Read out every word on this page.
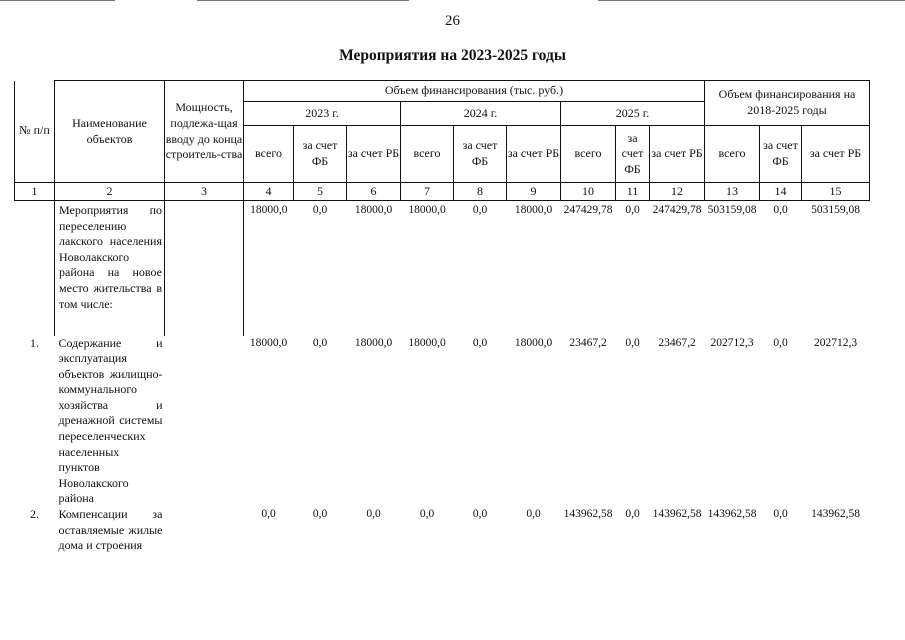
26
Мероприятия на 2023-2025 годы
№ п/п	Наименование объектов	Мощность, подлежа-щая вводу до конца строитель-ства	Объем финансирования (тыс. руб.)									Объем финансирования на 2018-2025 годы		
			2023 г.			2024 г.			2025 г.					
			всего	за счет ФБ	за счет РБ	всего	за счет ФБ	за счет РБ	всего	за счет ФБ	за счет РБ	всего	за счет ФБ	за счет РБ
1	2	3	4	5	6	7	8	9	10	11	12	13	14	15
	Мероприятия по переселению лакского населения Новолакского района на новое место жительства в том числе:		18000,0	0,0	18000,0	18000,0	0,0	18000,0	247429,78	0,0	247429,78	503159,08	0,0	503159,08
1.	Содержание и эксплуатация объектов жилищно-коммунального хозяйства и дренажной системы переселенческих населенных пунктов Новолакского района		18000,0	0,0	18000,0	18000,0	0,0	18000,0	23467,2	0,0	23467,2	202712,3	0,0	202712,3
2.	Компенсации за оставляемые жилые дома и строения		0,0	0,0	0,0	0,0	0,0	0,0	143962,58	0,0	143962,58	143962,58	0,0	143962,58
